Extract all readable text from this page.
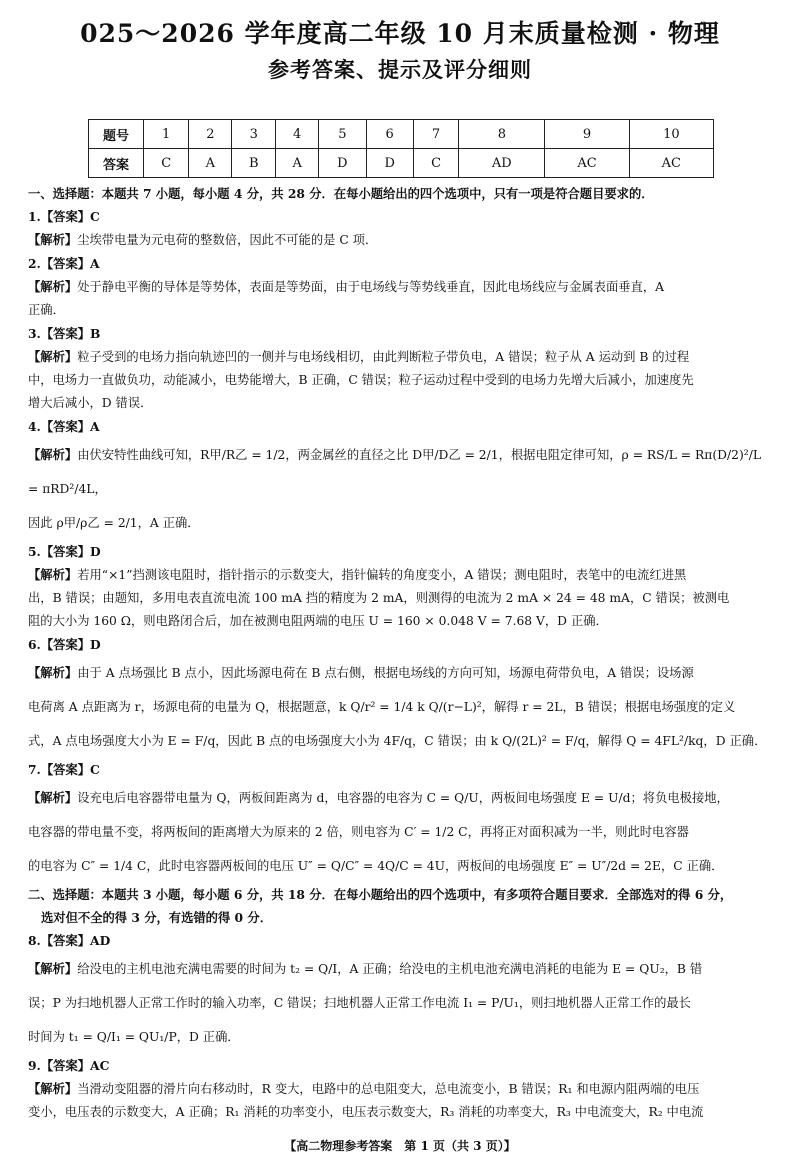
025～2026 学年度高二年级 10 月末质量检测 · 物理
参考答案、提示及评分细则
题号	1	2	3	4	5	6	7	8	9	10
答案	C	A	B	A	D	D	C	AD	AC	AC

一、选择题：本题共 7 小题，每小题 4 分，共 28 分．在每小题给出的四个选项中，只有一项是符合题目要求的．

1.【答案】C

【解析】尘埃带电量为元电荷的整数倍，因此不可能的是 C 项．

2.【答案】A

【解析】处于静电平衡的导体是等势体，表面是等势面，由于电场线与等势线垂直，因此电场线应与金属表面垂直，A
正确．

3.【答案】B

【解析】粒子受到的电场力指向轨迹凹的一侧并与电场线相切，由此判断粒子带负电，A 错误；粒子从 A 运动到 B 的过程
中，电场力一直做负功，动能减小，电势能增大，B 正确，C 错误；粒子运动过程中受到的电场力先增大后减小，加速度先
增大后减小，D 错误．

4.【答案】A

【解析】由伏安特性曲线可知，R甲/R乙 = 1/2，两金属丝的直径之比 D甲/D乙 = 2/1，根据电阻定律可知，ρ = RS/L = Rπ(D/2)²/L = πRD²/4L，
因此 ρ甲/ρ乙 = 2/1，A 正确．

5.【答案】D

【解析】若用“×1”挡测该电阻时，指针指示的示数变大，指针偏转的角度变小，A 错误；测电阻时，表笔中的电流红进黑
出，B 错误；由题知，多用电表直流电流 100 mA 挡的精度为 2 mA，则测得的电流为 2 mA × 24 = 48 mA，C 错误；被测电
阻的大小为 160 Ω，则电路闭合后，加在被测电阻两端的电压 U = 160 × 0.048 V = 7.68 V，D 正确．

6.【答案】D

【解析】由于 A 点场强比 B 点小，因此场源电荷在 B 点右侧，根据电场线的方向可知，场源电荷带负电，A 错误；设场源
电荷离 A 点距离为 r，场源电荷的电量为 Q，根据题意，k Q/r² = 1/4 k Q/(r−L)²，解得 r = 2L，B 错误；根据电场强度的定义
式，A 点电场强度大小为 E = F/q，因此 B 点的电场强度大小为 4F/q，C 错误；由 k Q/(2L)² = F/q，解得 Q = 4FL²/kq，D 正确．

7.【答案】C

【解析】设充电后电容器带电量为 Q，两板间距离为 d，电容器的电容为 C = Q/U，两板间电场强度 E = U/d；将负电极接地，
电容器的带电量不变，将两板间的距离增大为原来的 2 倍，则电容为 C′ = 1/2 C，再将正对面积减为一半，则此时电容器
的电容为 C″ = 1/4 C，此时电容器两板间的电压 U″ = Q/C″ = 4Q/C = 4U，两板间的电场强度 E″ = U″/2d = 2E，C 正确．

二、选择题：本题共 3 小题，每小题 6 分，共 18 分．在每小题给出的四个选项中，有多项符合题目要求．全部选对的得 6 分，
选对但不全的得 3 分，有选错的得 0 分．

8.【答案】AD

【解析】给没电的主机电池充满电需要的时间为 t₂ = Q/I，A 正确；给没电的主机电池充满电消耗的电能为 E = QU₂，B 错
误；P 为扫地机器人正常工作时的输入功率，C 错误；扫地机器人正常工作电流 I₁ = P/U₁，则扫地机器人正常工作的最长
时间为 t₁ = Q/I₁ = QU₁/P，D 正确．

9.【答案】AC

【解析】当滑动变阻器的滑片向右移动时，R 变大，电路中的总电阻变大，总电流变小，B 错误；R₁ 和电源内阻两端的电压
变小，电压表的示数变大，A 正确；R₁ 消耗的功率变小，电压表示数变大，R₃ 消耗的功率变大，R₃ 中电流变大，R₂ 中电流

【高二物理参考答案　第 1 页（共 3 页）】
